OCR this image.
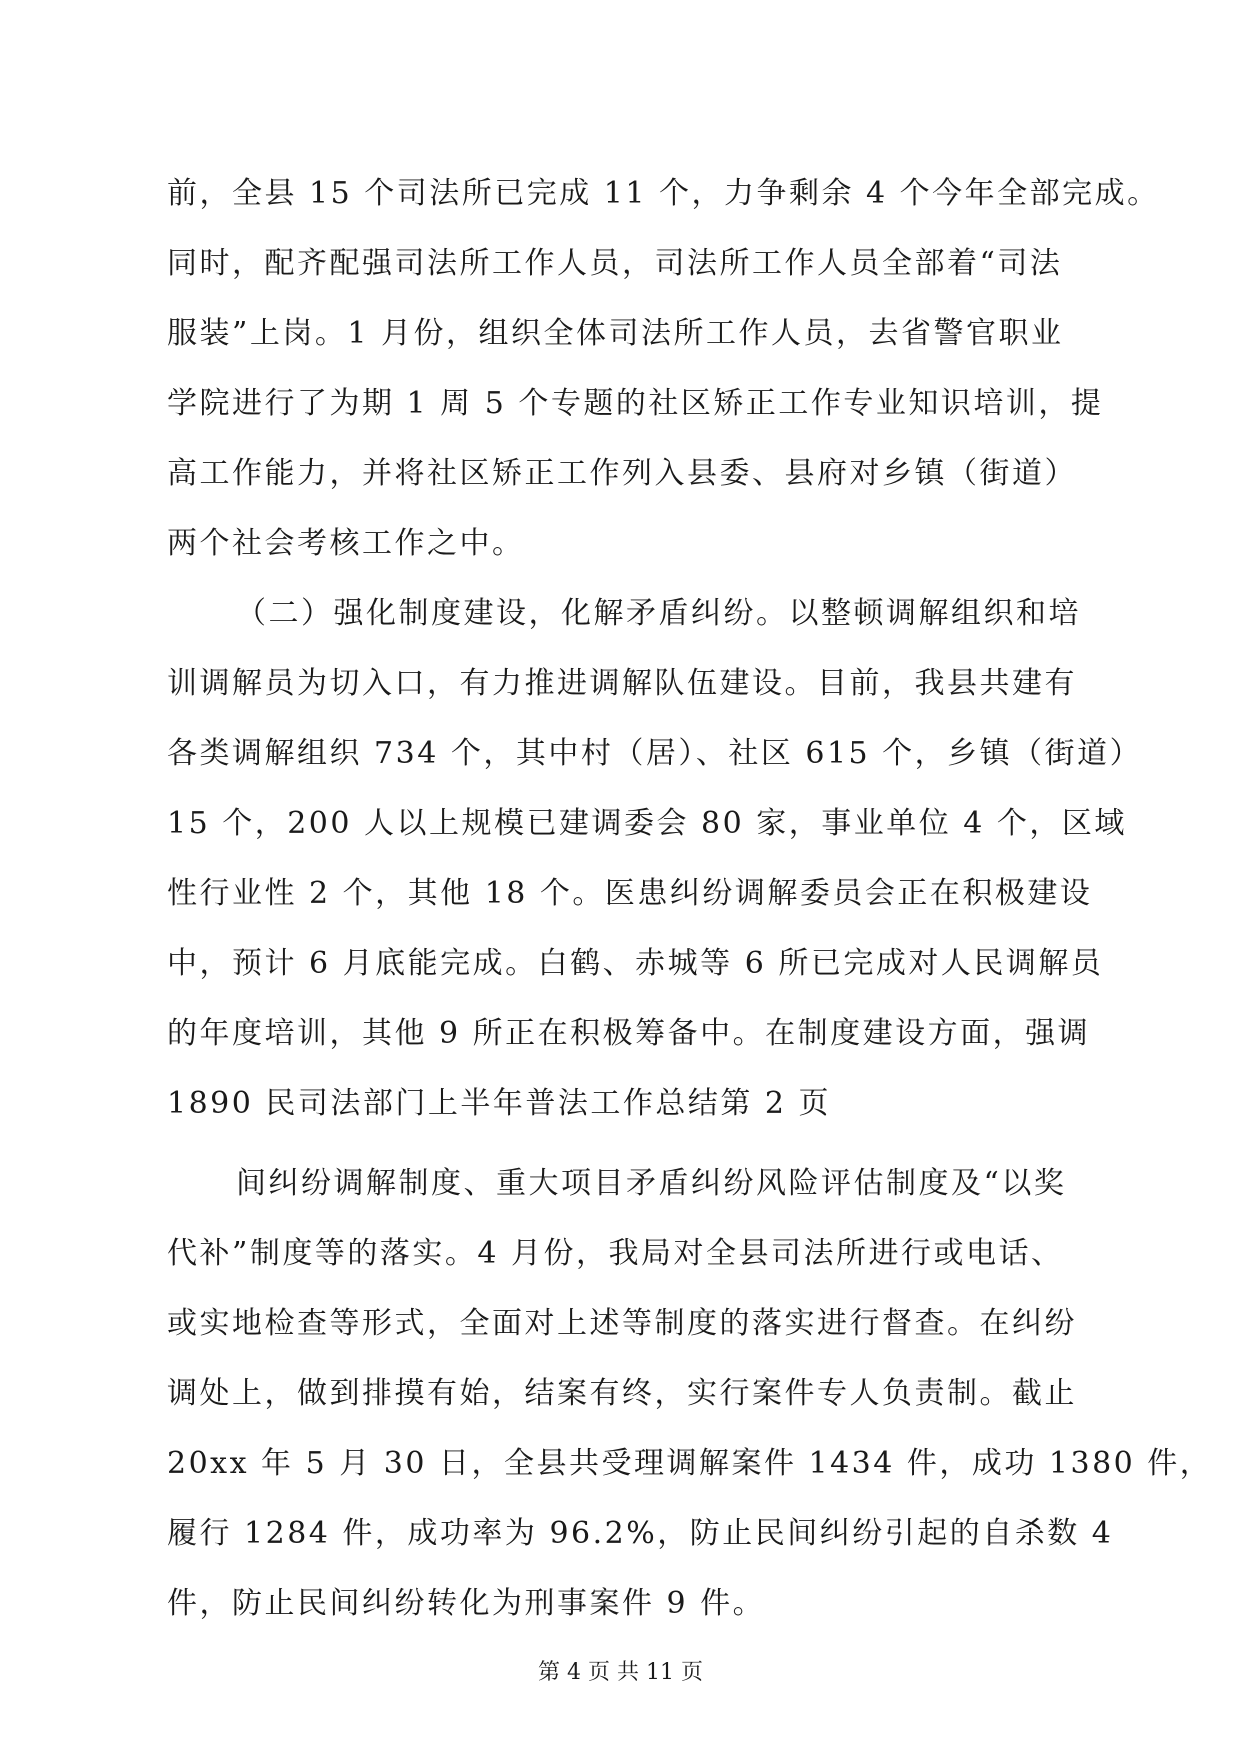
前，全县 15 个司法所已完成 11 个，力争剩余 4 个今年全部完成。
同时，配齐配强司法所工作人员，司法所工作人员全部着“司法
服装”上岗。1 月份，组织全体司法所工作人员，去省警官职业
学院进行了为期 1 周 5 个专题的社区矫正工作专业知识培训，提
高工作能力，并将社区矫正工作列入县委、县府对乡镇（街道）
两个社会考核工作之中。
（二）强化制度建设，化解矛盾纠纷。以整顿调解组织和培
训调解员为切入口，有力推进调解队伍建设。目前，我县共建有
各类调解组织 734 个，其中村（居）、社区 615 个，乡镇（街道）
15 个，200 人以上规模已建调委会 80 家，事业单位 4 个，区域
性行业性 2 个，其他 18 个。医患纠纷调解委员会正在积极建设
中，预计 6 月底能完成。白鹤、赤城等 6 所已完成对人民调解员
的年度培训，其他 9 所正在积极筹备中。在制度建设方面，强调
1890 民司法部门上半年普法工作总结第 2 页
间纠纷调解制度、重大项目矛盾纠纷风险评估制度及“以奖
代补”制度等的落实。4 月份，我局对全县司法所进行或电话、
或实地检查等形式，全面对上述等制度的落实进行督查。在纠纷
调处上，做到排摸有始，结案有终，实行案件专人负责制。截止
20xx 年 5 月 30 日，全县共受理调解案件 1434 件，成功 1380 件，
履行 1284 件，成功率为 96.2%，防止民间纠纷引起的自杀数 4
件，防止民间纠纷转化为刑事案件 9 件。
第 4 页 共 11 页
